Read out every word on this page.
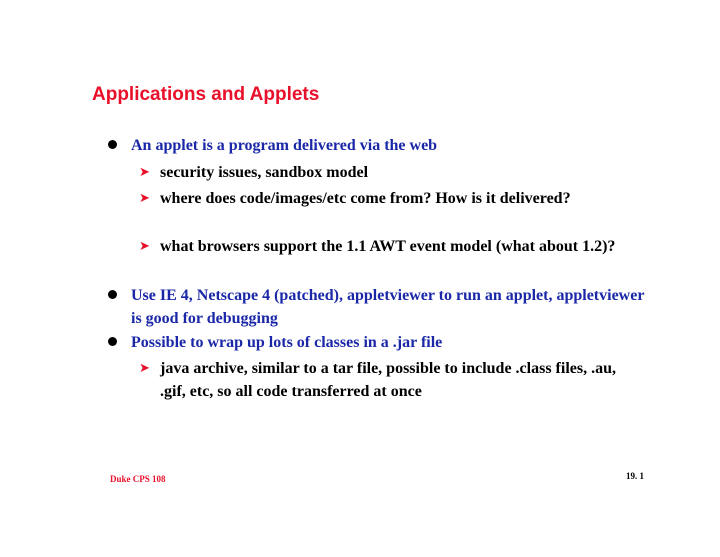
Applications and Applets
An applet is a program delivered via the web
➤ security issues, sandbox model
➤ where does code/images/etc come from? How is it delivered?
➤ what browsers support the 1.1 AWT event model (what about 1.2)?
Use IE 4, Netscape 4 (patched), appletviewer to run an applet, appletviewer is good for debugging
Possible to wrap up lots of classes in a .jar file
➤ java archive, similar to a tar file, possible to include .class files, .au, .gif, etc, so all code transferred at once
Duke CPS 108	19. 1
